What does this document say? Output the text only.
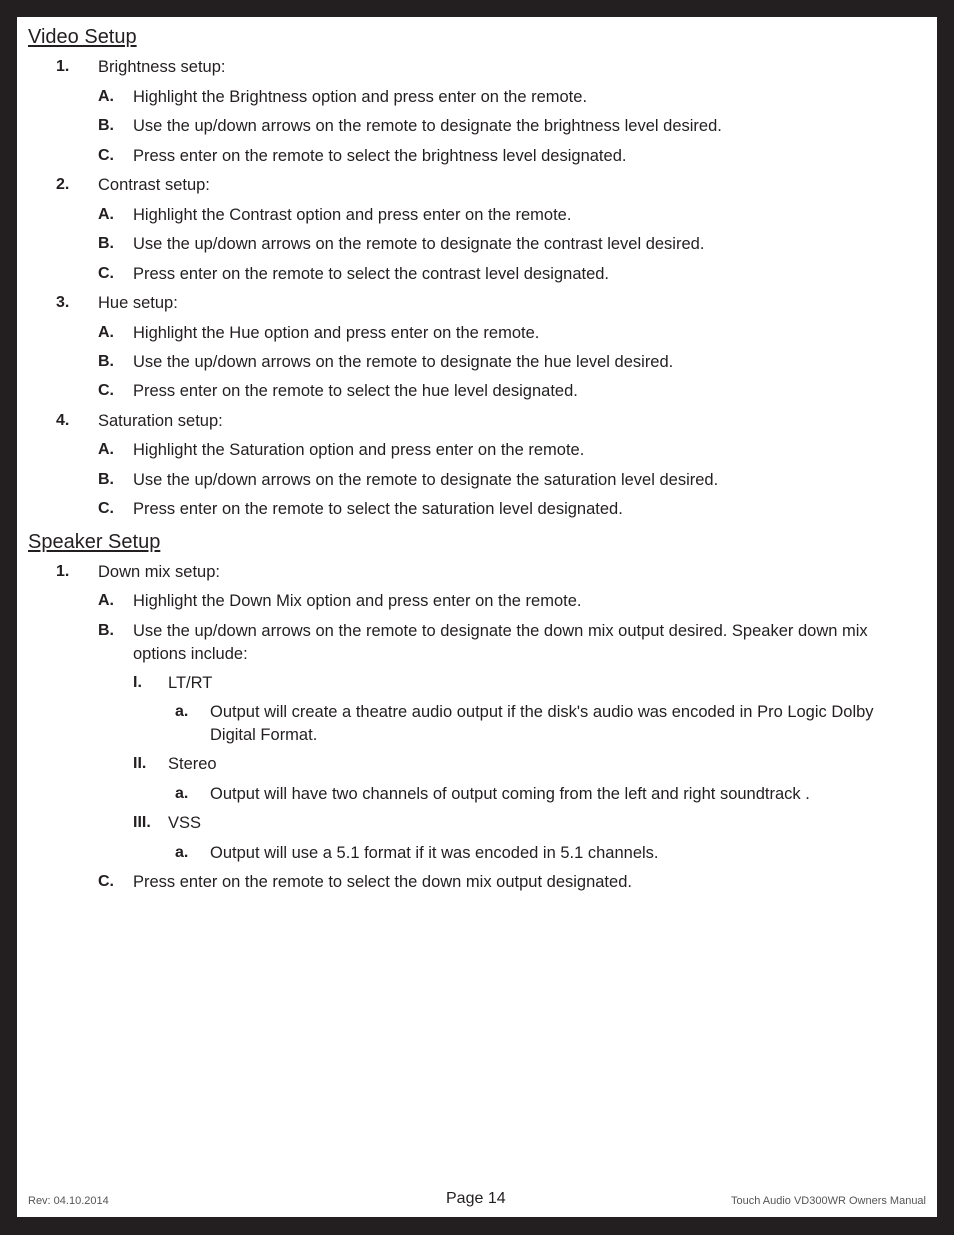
Video Setup
1. Brightness setup:
A. Highlight the Brightness option and press enter on the remote.
B. Use the up/down arrows on the remote to designate the brightness level desired.
C. Press enter on the remote to select the brightness level designated.
2. Contrast setup:
A. Highlight the Contrast option and press enter on the remote.
B. Use the up/down arrows on the remote to designate the contrast level desired.
C. Press enter on the remote to select the contrast level designated.
3. Hue setup:
A. Highlight the Hue option and press enter on the remote.
B. Use the up/down arrows on the remote to designate the hue level desired.
C. Press enter on the remote to select the hue level designated.
4. Saturation setup:
A. Highlight the Saturation option and press enter on the remote.
B. Use the up/down arrows on the remote to designate the saturation level desired.
C. Press enter on the remote to select the saturation level designated.
Speaker Setup
1. Down mix setup:
A. Highlight the Down Mix option and press enter on the remote.
B. Use the up/down arrows on the remote to designate the down mix output desired. Speaker down mix options include:
I. LT/RT
a. Output will create a theatre audio output if the disk's audio was encoded in Pro Logic Dolby Digital Format.
II. Stereo
a. Output will have two channels of output coming from the left and right soundtrack .
III. VSS
a. Output will use a 5.1 format if it was encoded in 5.1 channels.
C. Press enter on the remote to select the down mix output designated.
Rev: 04.10.2014	Page 14	Touch Audio VD300WR Owners Manual
